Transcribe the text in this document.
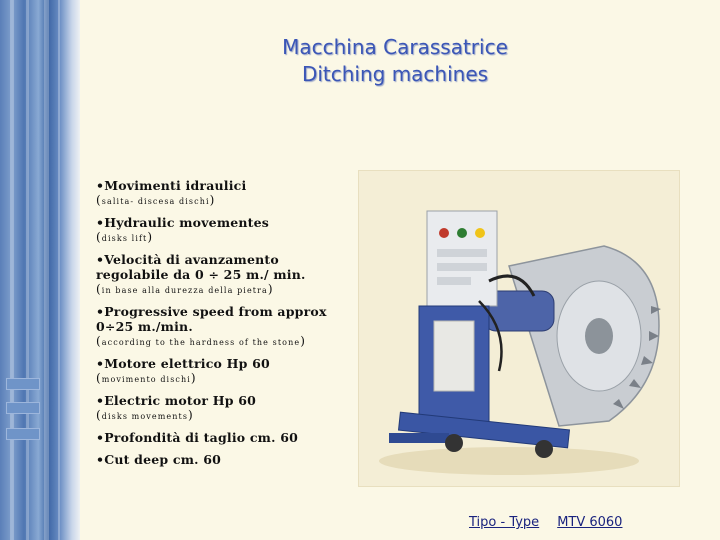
Macchina Carassatrice
Ditching machines
•Movimenti idraulici
(salita- discesa dischi)
•Hydraulic movementes
(disks lift)
•Velocità di avanzamento regolabile da 0 ÷ 25 m./ min.
(in base alla durezza della pietra)
•Progressive speed from approx 0÷25 m./min.
(according to the hardness of the stone)
•Motore elettrico Hp 60
(movimento dischi)
•Electric motor Hp 60
(disks movements)
•Profondità di taglio cm. 60
•Cut deep cm. 60
Tipo - Type MTV 6060
